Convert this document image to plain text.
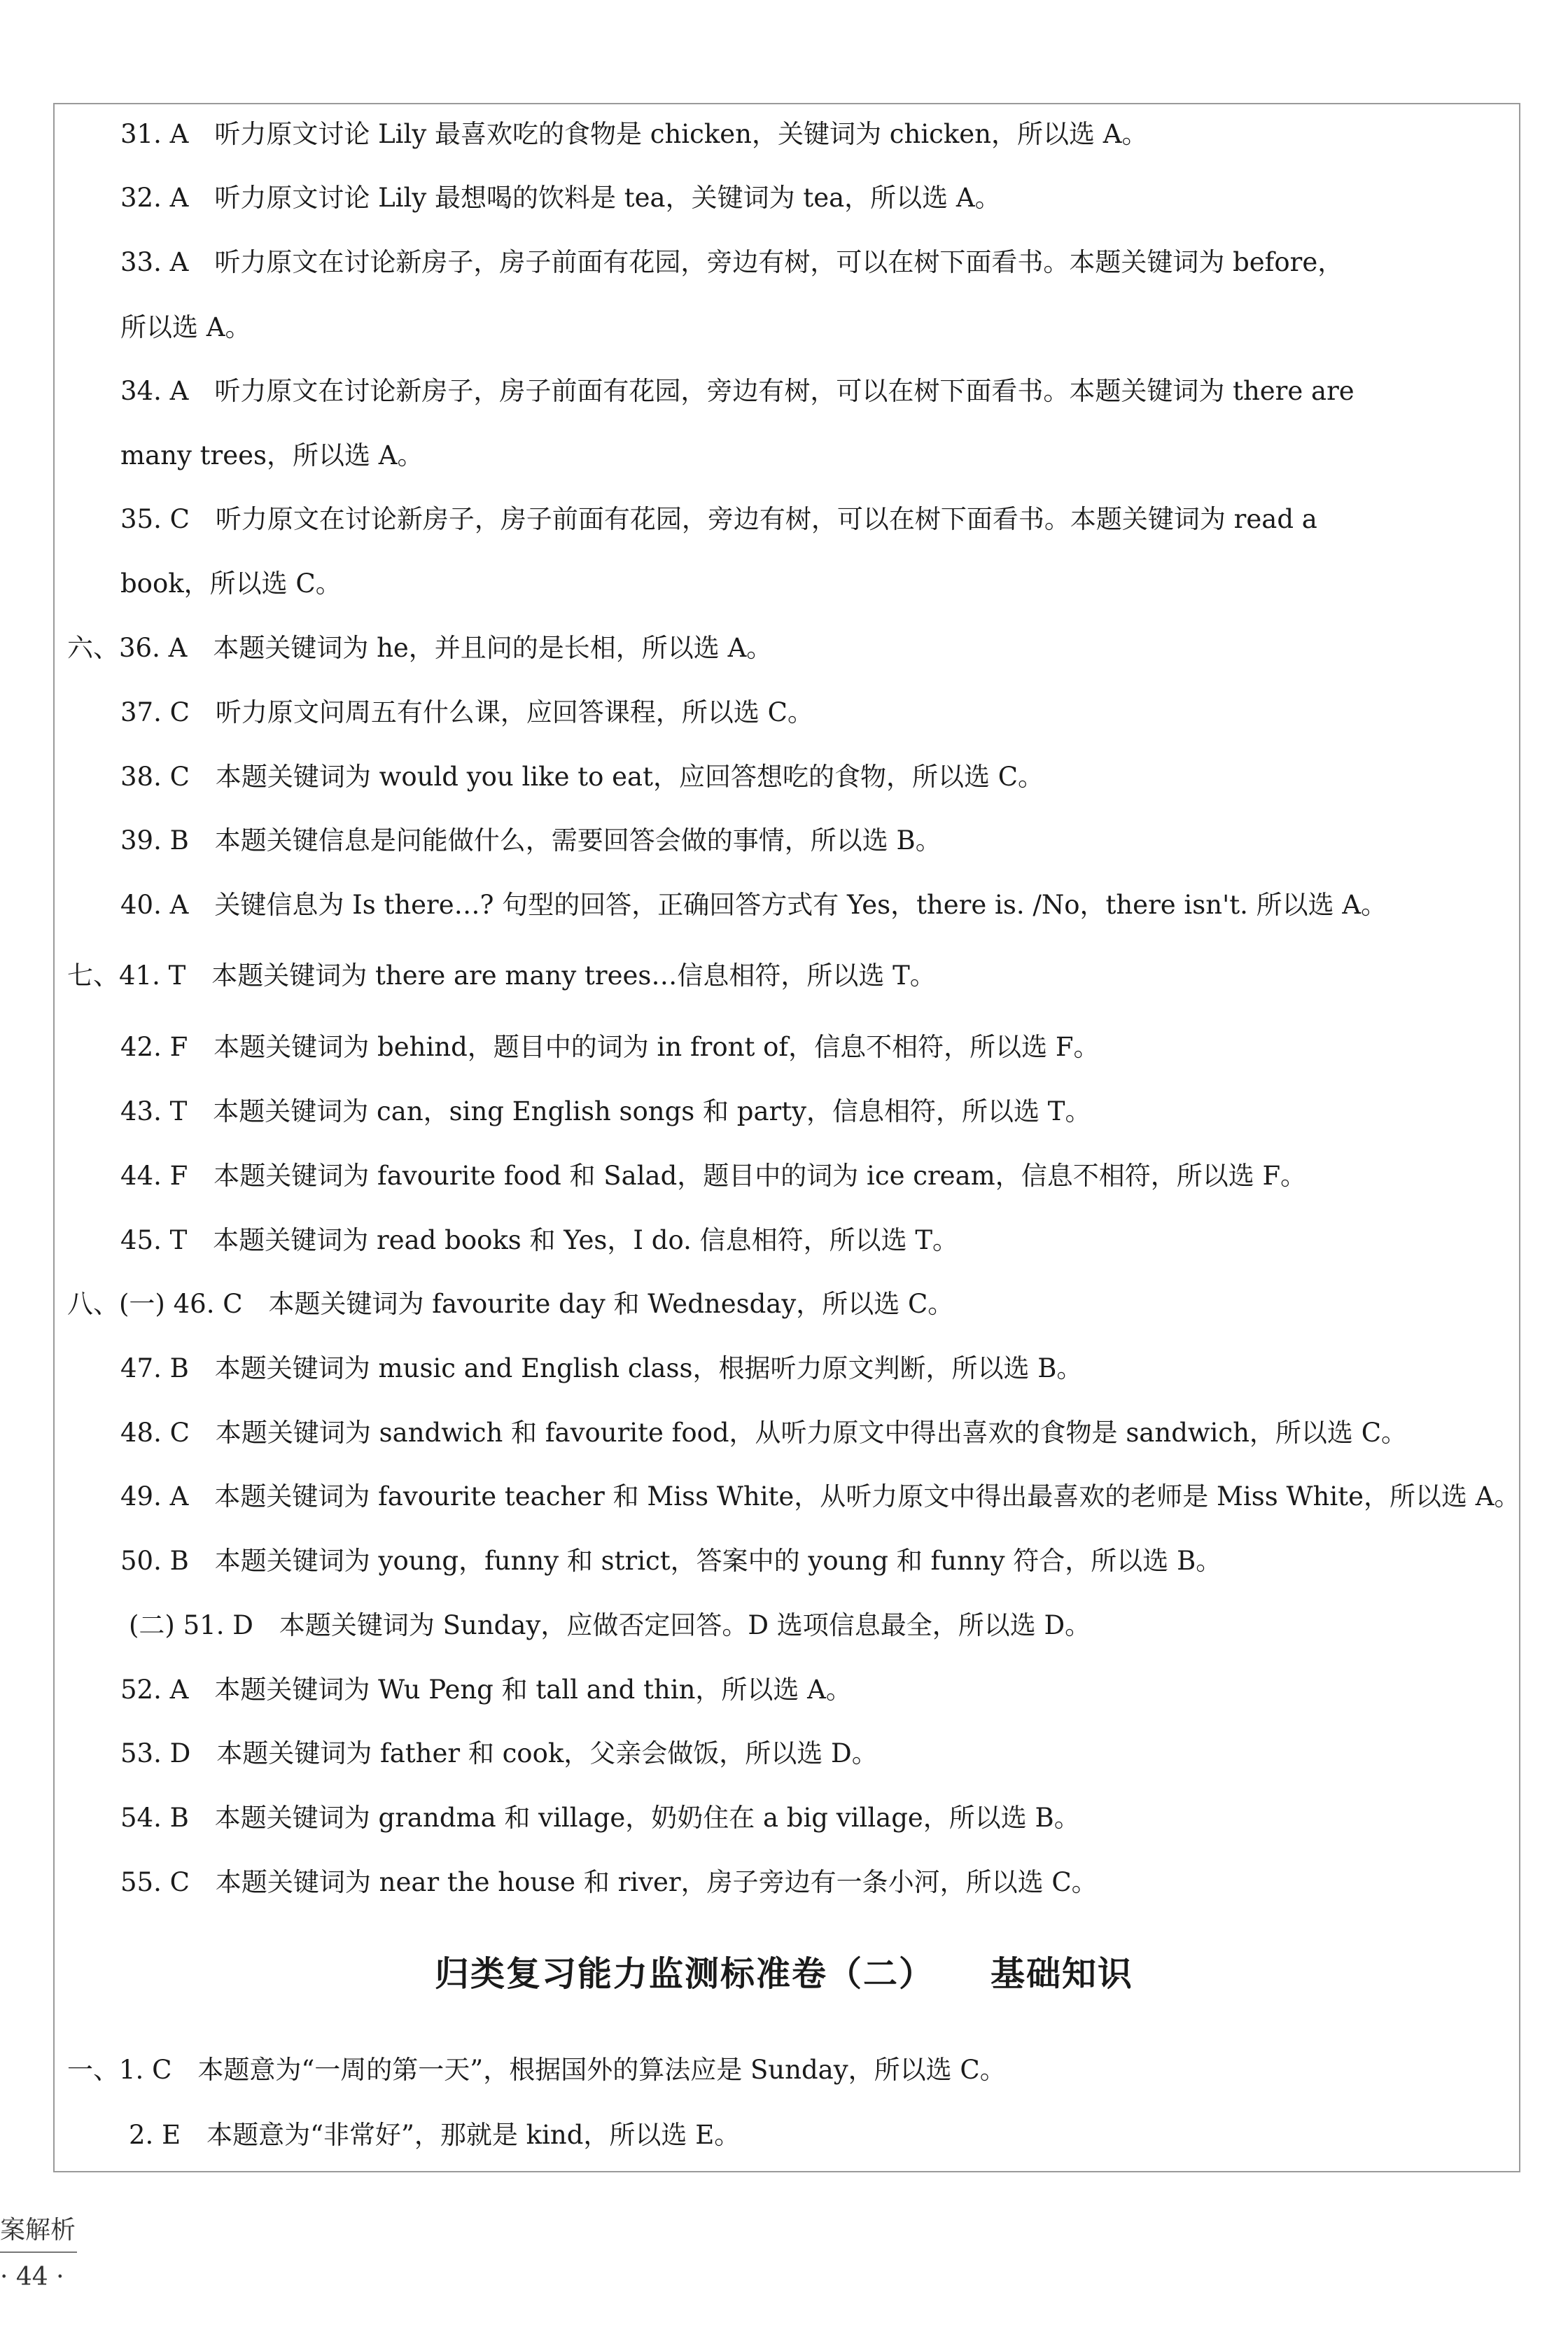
31. A　听力原文讨论 Lily 最喜欢吃的食物是 chicken，关键词为 chicken，所以选 A。
32. A　听力原文讨论 Lily 最想喝的饮料是 tea，关键词为 tea，所以选 A。
33. A　听力原文在讨论新房子，房子前面有花园，旁边有树，可以在树下面看书。本题关键词为 before，
所以选 A。
34. A　听力原文在讨论新房子，房子前面有花园，旁边有树，可以在树下面看书。本题关键词为 there are
many trees，所以选 A。
35. C　听力原文在讨论新房子，房子前面有花园，旁边有树，可以在树下面看书。本题关键词为 read a
book，所以选 C。
六、36. A　本题关键词为 he，并且问的是长相，所以选 A。
37. C　听力原文问周五有什么课，应回答课程，所以选 C。
38. C　本题关键词为 would you like to eat，应回答想吃的食物，所以选 C。
39. B　本题关键信息是问能做什么，需要回答会做的事情，所以选 B。
40. A　关键信息为 Is there…? 句型的回答，正确回答方式有 Yes，there is. /No，there isn't. 所以选 A。
七、41. T　本题关键词为 there are many trees…信息相符，所以选 T。
42. F　本题关键词为 behind，题目中的词为 in front of，信息不相符，所以选 F。
43. T　本题关键词为 can，sing English songs 和 party，信息相符，所以选 T。
44. F　本题关键词为 favourite food 和 Salad，题目中的词为 ice cream，信息不相符，所以选 F。
45. T　本题关键词为 read books 和 Yes，I do. 信息相符，所以选 T。
八、(一) 46. C　本题关键词为 favourite day 和 Wednesday，所以选 C。
47. B　本题关键词为 music and English class，根据听力原文判断，所以选 B。
48. C　本题关键词为 sandwich 和 favourite food，从听力原文中得出喜欢的食物是 sandwich，所以选 C。
49. A　本题关键词为 favourite teacher 和 Miss White，从听力原文中得出最喜欢的老师是 Miss White，所以选 A。
50. B　本题关键词为 young，funny 和 strict，答案中的 young 和 funny 符合，所以选 B。
(二) 51. D　本题关键词为 Sunday，应做否定回答。D 选项信息最全，所以选 D。
52. A　本题关键词为 Wu Peng 和 tall and thin，所以选 A。
53. D　本题关键词为 father 和 cook，父亲会做饭，所以选 D。
54. B　本题关键词为 grandma 和 village，奶奶住在 a big village，所以选 B。
55. C　本题关键词为 near the house 和 river，房子旁边有一条小河，所以选 C。
归类复习能力监测标准卷（二） 基础知识
一、1. C　本题意为“一周的第一天”，根据国外的算法应是 Sunday，所以选 C。
2. E　本题意为“非常好”，那就是 kind，所以选 E。
案解析
· 44 ·
